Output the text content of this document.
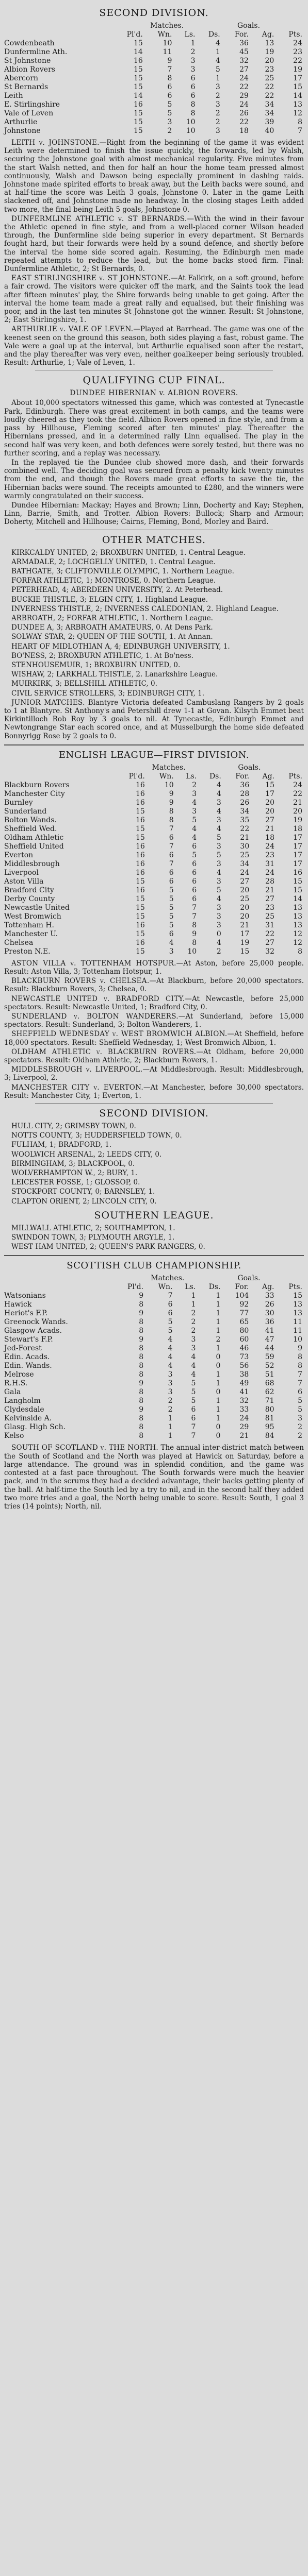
SECOND DIVISION.
	Matches.				Goals.		
	Pl'd.	Wn.	Ls.	Ds.	For.	Ag.	Pts.
Cowdenbeath	15	10	1	4	36	13	24
Dunfermline Ath.	14	11	2	1	45	19	23
St Johnstone	16	9	3	4	32	20	22
Albion Rovers	15	7	3	5	27	23	19
Abercorn	15	8	6	1	24	25	17
St Bernards	15	6	6	3	22	22	15
Leith	14	6	6	2	29	22	14
E. Stirlingshire	16	5	8	3	24	34	13
Vale of Leven	15	5	8	2	26	34	12
Arthurlie	15	3	10	2	22	39	8
Johnstone	15	2	10	3	18	40	7

LEITH v. JOHNSTONE.—Right from the beginning of the game it was evident Leith were determined to finish the issue quickly, the forwards, led by Walsh, securing the Johnstone goal with almost mechanical regularity. Five minutes from the start Walsh netted, and then for half an hour the home team pressed almost continuously, Walsh and Dawson being especially prominent in dashing raids. Johnstone made spirited efforts to break away, but the Leith backs were sound, and at half-time the score was Leith 3 goals, Johnstone 0. Later in the game Leith slackened off, and Johnstone made no headway. In the closing stages Leith added two more, the final being Leith 5 goals, Johnstone 0.

DUNFERMLINE ATHLETIC v. ST BERNARDS.—With the wind in their favour the Athletic opened in fine style, and from a well-placed corner Wilson headed through, the Dunfermline side being superior in every department. St Bernards fought hard, but their forwards were held by a sound defence, and shortly before the interval the home side scored again. Resuming, the Edinburgh men made repeated attempts to reduce the lead, but the home backs stood firm. Final: Dunfermline Athletic, 2; St Bernards, 0.

EAST STIRLINGSHIRE v. ST JOHNSTONE.—At Falkirk, on a soft ground, before a fair crowd. The visitors were quicker off the mark, and the Saints took the lead after fifteen minutes' play, the Shire forwards being unable to get going. After the interval the home team made a great rally and equalised, but their finishing was poor, and in the last ten minutes St Johnstone got the winner. Result: St Johnstone, 2; East Stirlingshire, 1.

ARTHURLIE v. VALE OF LEVEN.—Played at Barrhead. The game was one of the keenest seen on the ground this season, both sides playing a fast, robust game. The Vale were a goal up at the interval, but Arthurlie equalised soon after the restart, and the play thereafter was very even, neither goalkeeper being seriously troubled. Result: Arthurlie, 1; Vale of Leven, 1.

QUALIFYING CUP FINAL.
DUNDEE HIBERNIAN v. ALBION ROVERS.

About 10,000 spectators witnessed this game, which was contested at Tynecastle Park, Edinburgh. There was great excitement in both camps, and the teams were loudly cheered as they took the field. Albion Rovers opened in fine style, and from a pass by Hillhouse, Fleming scored after ten minutes' play. Thereafter the Hibernians pressed, and in a determined rally Linn equalised. The play in the second half was very keen, and both defences were sorely tested, but there was no further scoring, and a replay was necessary.

In the replayed tie the Dundee club showed more dash, and their forwards combined well. The deciding goal was secured from a penalty kick twenty minutes from the end, and though the Rovers made great efforts to save the tie, the Hibernian backs were sound. The receipts amounted to £280, and the winners were warmly congratulated on their success.

Dundee Hibernian: Mackay; Hayes and Brown; Linn, Docherty and Kay; Stephen, Linn, Barrie, Smith, and Trotter. Albion Rovers: Bullock; Sharp and Armour; Doherty, Mitchell and Hillhouse; Cairns, Fleming, Bond, Morley and Baird.

OTHER MATCHES.

KIRKCALDY UNITED, 2; BROXBURN UNITED, 1. Central League.

ARMADALE, 2; LOCHGELLY UNITED, 1. Central League.

BATHGATE, 3; CLIFTONVILLE OLYMPIC, 1. Northern League.

FORFAR ATHLETIC, 1; MONTROSE, 0. Northern League.

PETERHEAD, 4; ABERDEEN UNIVERSITY, 2. At Peterhead.

BUCKIE THISTLE, 3; ELGIN CITY, 1. Highland League.

INVERNESS THISTLE, 2; INVERNESS CALEDONIAN, 2. Highland League.

ARBROATH, 2; FORFAR ATHLETIC, 1. Northern League.

DUNDEE A, 3; ARBROATH AMATEURS, 0. At Dens Park.

SOLWAY STAR, 2; QUEEN OF THE SOUTH, 1. At Annan.

HEART OF MIDLOTHIAN A, 4; EDINBURGH UNIVERSITY, 1.

BO'NESS, 2; BROXBURN ATHLETIC, 1. At Bo'ness.

STENHOUSEMUIR, 1; BROXBURN UNITED, 0.

WISHAW, 2; LARKHALL THISTLE, 2. Lanarkshire League.

MUIRKIRK, 3; BELLSHILL ATHLETIC, 0.

CIVIL SERVICE STROLLERS, 3; EDINBURGH CITY, 1.

JUNIOR MATCHES. Blantyre Victoria defeated Cambuslang Rangers by 2 goals to 1 at Blantyre. St Anthony's and Petershill drew 1-1 at Govan. Kilsyth Emmet beat Kirkintilloch Rob Roy by 3 goals to nil. At Tynecastle, Edinburgh Emmet and Newtongrange Star each scored once, and at Musselburgh the home side defeated Bonnyrigg Rose by 2 goals to 0.

ENGLISH LEAGUE—FIRST DIVISION.
	Matches.				Goals.		
	Pl'd.	Wn.	Ls.	Ds.	For.	Ag.	Pts.
Blackburn Rovers	16	10	2	4	36	15	24
Manchester City	16	9	3	4	28	17	22
Burnley	16	9	4	3	26	20	21
Sunderland	15	8	3	4	34	20	20
Bolton Wands.	16	8	5	3	35	27	19
Sheffield Wed.	15	7	4	4	22	21	18
Oldham Athletic	15	6	4	5	21	18	17
Sheffield United	16	7	6	3	30	24	17
Everton	16	6	5	5	25	23	17
Middlesbrough	16	7	6	3	34	31	17
Liverpool	16	6	6	4	24	24	16
Aston Villa	15	6	6	3	27	28	15
Bradford City	16	5	6	5	20	21	15
Derby County	15	5	6	4	25	27	14
Newcastle United	15	5	7	3	20	23	13
West Bromwich	15	5	7	3	20	25	13
Tottenham H.	16	5	8	3	21	31	13
Manchester U.	15	6	9	0	17	22	12
Chelsea	16	4	8	4	19	27	12
Preston N.E.	15	3	10	2	15	32	8

ASTON VILLA v. TOTTENHAM HOTSPUR.—At Aston, before 25,000 people. Result: Aston Villa, 3; Tottenham Hotspur, 1.

BLACKBURN ROVERS v. CHELSEA.—At Blackburn, before 20,000 spectators. Result: Blackburn Rovers, 3; Chelsea, 0.

NEWCASTLE UNITED v. BRADFORD CITY.—At Newcastle, before 25,000 spectators. Result: Newcastle United, 1; Bradford City, 0.

SUNDERLAND v. BOLTON WANDERERS.—At Sunderland, before 15,000 spectators. Result: Sunderland, 3; Bolton Wanderers, 1.

SHEFFIELD WEDNESDAY v. WEST BROMWICH ALBION.—At Sheffield, before 18,000 spectators. Result: Sheffield Wednesday, 1; West Bromwich Albion, 1.

OLDHAM ATHLETIC v. BLACKBURN ROVERS.—At Oldham, before 20,000 spectators. Result: Oldham Athletic, 2; Blackburn Rovers, 1.

MIDDLESBROUGH v. LIVERPOOL.—At Middlesbrough. Result: Middlesbrough, 3; Liverpool, 2.

MANCHESTER CITY v. EVERTON.—At Manchester, before 30,000 spectators. Result: Manchester City, 1; Everton, 1.

SECOND DIVISION.

HULL CITY, 2; GRIMSBY TOWN, 0.

NOTTS COUNTY, 3; HUDDERSFIELD TOWN, 0.

FULHAM, 1; BRADFORD, 1.

WOOLWICH ARSENAL, 2; LEEDS CITY, 0.

BIRMINGHAM, 3; BLACKPOOL, 0.

WOLVERHAMPTON W., 2; BURY, 1.

LEICESTER FOSSE, 1; GLOSSOP, 0.

STOCKPORT COUNTY, 0; BARNSLEY, 1.

CLAPTON ORIENT, 2; LINCOLN CITY, 0.

SOUTHERN LEAGUE.

MILLWALL ATHLETIC, 2; SOUTHAMPTON, 1.

SWINDON TOWN, 3; PLYMOUTH ARGYLE, 1.

WEST HAM UNITED, 2; QUEEN'S PARK RANGERS, 0.

SCOTTISH CLUB CHAMPIONSHIP.
	Matches.				Goals.		
	Pl'd.	Wn.	Ls.	Ds.	For.	Ag.	Pts.
Watsonians	9	7	1	1	104	33	15
Hawick	8	6	1	1	92	26	13
Heriot's F.P.	9	6	2	1	77	30	13
Greenock Wands.	8	5	2	1	65	36	11
Glasgow Acads.	8	5	2	1	80	41	11
Stewart's F.P.	9	4	3	2	60	47	10
Jed-Forest	8	4	3	1	46	44	9
Edin. Acads.	8	4	4	0	73	59	8
Edin. Wands.	8	4	4	0	56	52	8
Melrose	8	3	4	1	38	51	7
R.H.S.	9	3	5	1	49	68	7
Gala	8	3	5	0	41	62	6
Langholm	8	2	5	1	32	71	5
Clydesdale	9	2	6	1	33	80	5
Kelvinside A.	8	1	6	1	24	81	3
Glasg. High Sch.	8	1	7	0	29	95	2
Kelso	8	1	7	0	21	84	2

SOUTH OF SCOTLAND v. THE NORTH. The annual inter-district match between the South of Scotland and the North was played at Hawick on Saturday, before a large attendance. The ground was in splendid condition, and the game was contested at a fast pace throughout. The South forwards were much the heavier pack, and in the scrums they had a decided advantage, their backs getting plenty of the ball. At half-time the South led by a try to nil, and in the second half they added two more tries and a goal, the North being unable to score. Result: South, 1 goal 3 tries (14 points); North, nil.
